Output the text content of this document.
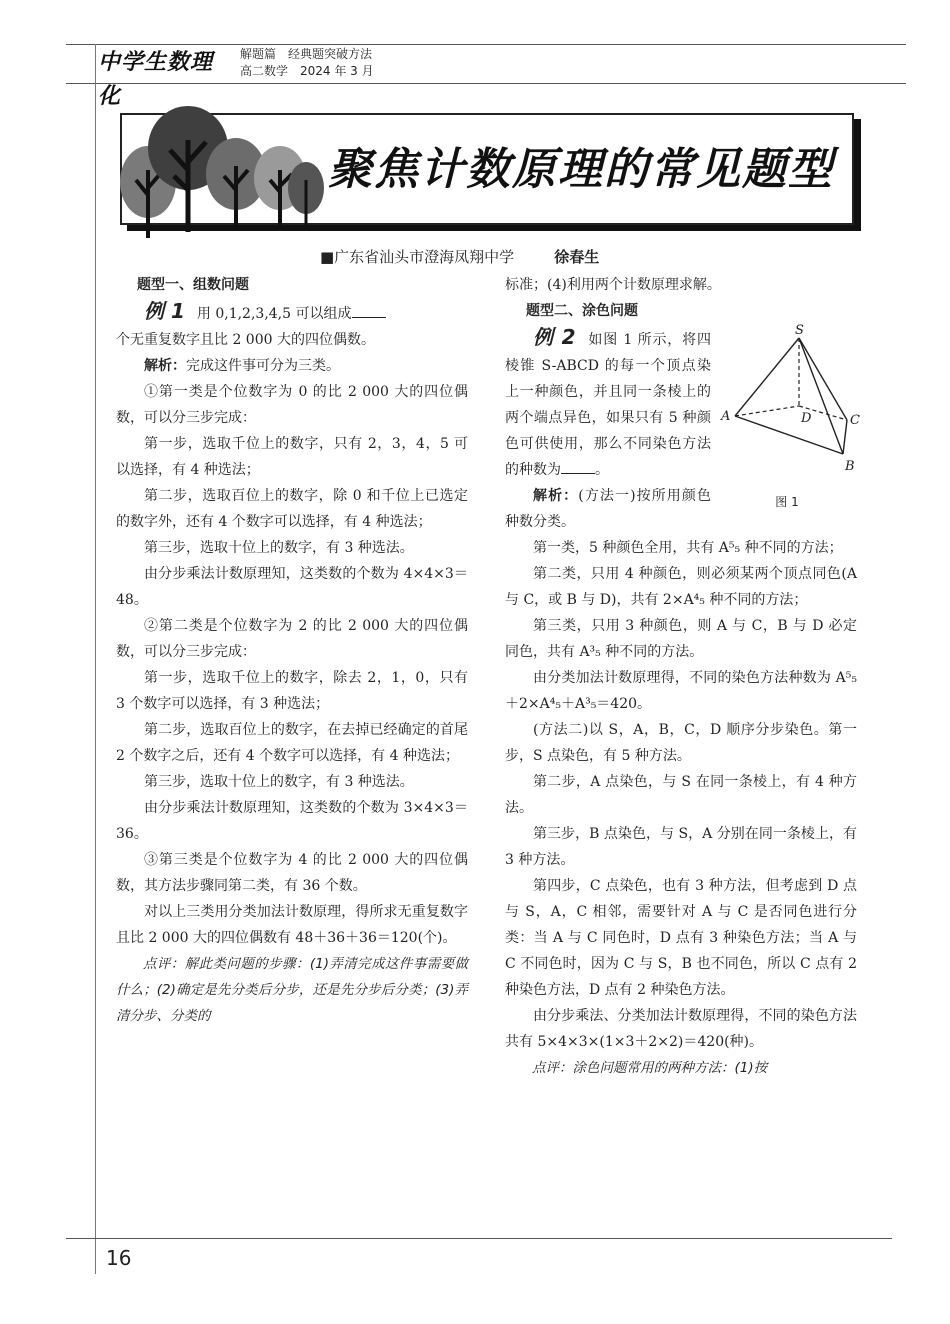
中学生数理化
解题篇　经典题突破方法
高二数学　2024 年 3 月
聚焦计数原理的常见题型
■广东省汕头市澄海凤翔中学	徐春生

题型一、组数问题

例 1 用 0,1,2,3,4,5 可以组成

个无重复数字且比 2 000 大的四位偶数。

解析：完成这件事可分为三类。

①第一类是个位数字为 0 的比 2 000 大的四位偶数，可以分三步完成：

第一步，选取千位上的数字，只有 2，3，4，5 可以选择，有 4 种选法；

第二步，选取百位上的数字，除 0 和千位上已选定的数字外，还有 4 个数字可以选择，有 4 种选法；

第三步，选取十位上的数字，有 3 种选法。

由分步乘法计数原理知，这类数的个数为 4×4×3＝48。

②第二类是个位数字为 2 的比 2 000 大的四位偶数，可以分三步完成：

第一步，选取千位上的数字，除去 2，1，0，只有 3 个数字可以选择，有 3 种选法；

第二步，选取百位上的数字，在去掉已经确定的首尾 2 个数字之后，还有 4 个数字可以选择，有 4 种选法；

第三步，选取十位上的数字，有 3 种选法。

由分步乘法计数原理知，这类数的个数为 3×4×3＝36。

③第三类是个位数字为 4 的比 2 000 大的四位偶数，其方法步骤同第二类，有 36 个数。

对以上三类用分类加法计数原理，得所求无重复数字且比 2 000 大的四位偶数有 48＋36＋36＝120(个)。

点评：解此类问题的步骤：(1)弄清完成这件事需要做什么；(2)确定是先分类后分步，还是先分步后分类；(3)弄清分步、分类的

标准；(4)利用两个计数原理求解。

题型二、涂色问题

S
A	D	C
B
图 1

例 2 如图 1 所示，将四棱锥 S-ABCD 的每一个顶点染上一种颜色，并且同一条棱上的两个端点异色，如果只有 5 种颜色可供使用，那么不同染色方法的种数为 。

解析：(方法一)按所用颜色种数分类。

第一类，5 种颜色全用，共有 A⁵₅ 种不同的方法；

第二类，只用 4 种颜色，则必须某两个顶点同色(A 与 C，或 B 与 D)，共有 2×A⁴₅ 种不同的方法；

第三类，只用 3 种颜色，则 A 与 C，B 与 D 必定同色，共有 A³₅ 种不同的方法。

由分类加法计数原理得，不同的染色方法种数为 A⁵₅＋2×A⁴₅＋A³₅＝420。

(方法二)以 S，A，B，C，D 顺序分步染色。第一步，S 点染色，有 5 种方法。

第二步，A 点染色，与 S 在同一条棱上，有 4 种方法。

第三步，B 点染色，与 S，A 分别在同一条棱上，有 3 种方法。

第四步，C 点染色，也有 3 种方法，但考虑到 D 点与 S，A，C 相邻，需要针对 A 与 C 是否同色进行分类：当 A 与 C 同色时，D 点有 3 种染色方法；当 A 与 C 不同色时，因为 C 与 S，B 也不同色，所以 C 点有 2 种染色方法，D 点有 2 种染色方法。

由分步乘法、分类加法计数原理得，不同的染色方法共有 5×4×3×(1×3＋2×2)＝420(种)。

点评：涂色问题常用的两种方法：(1)按

16
